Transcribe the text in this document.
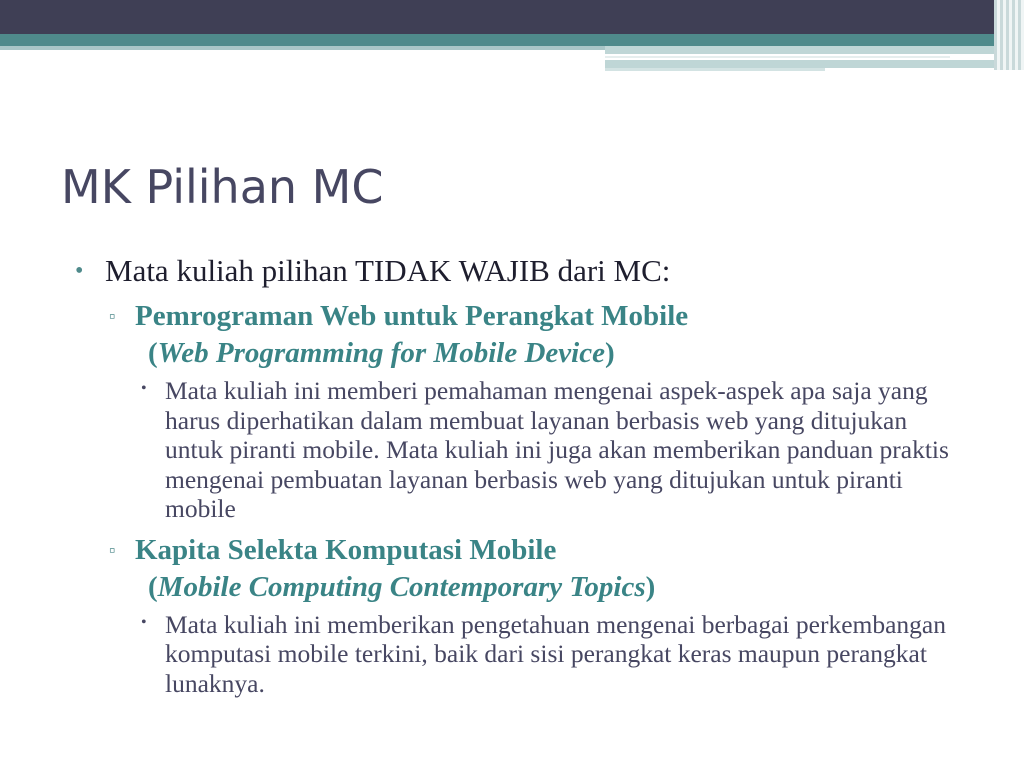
MK Pilihan MC
• Mata kuliah pilihan TIDAK WAJIB dari MC:
▫ Pemrograman Web untuk Perangkat Mobile
(Web Programming for Mobile Device)
• Mata kuliah ini memberi pemahaman mengenai aspek-aspek apa saja yang harus diperhatikan dalam membuat layanan berbasis web yang ditujukan untuk piranti mobile. Mata kuliah ini juga akan memberikan panduan praktis mengenai pembuatan layanan berbasis web yang ditujukan untuk piranti mobile
▫ Kapita Selekta Komputasi Mobile
(Mobile Computing Contemporary Topics)
• Mata kuliah ini memberikan pengetahuan mengenai berbagai perkembangan komputasi mobile terkini, baik dari sisi perangkat keras maupun perangkat lunaknya.
